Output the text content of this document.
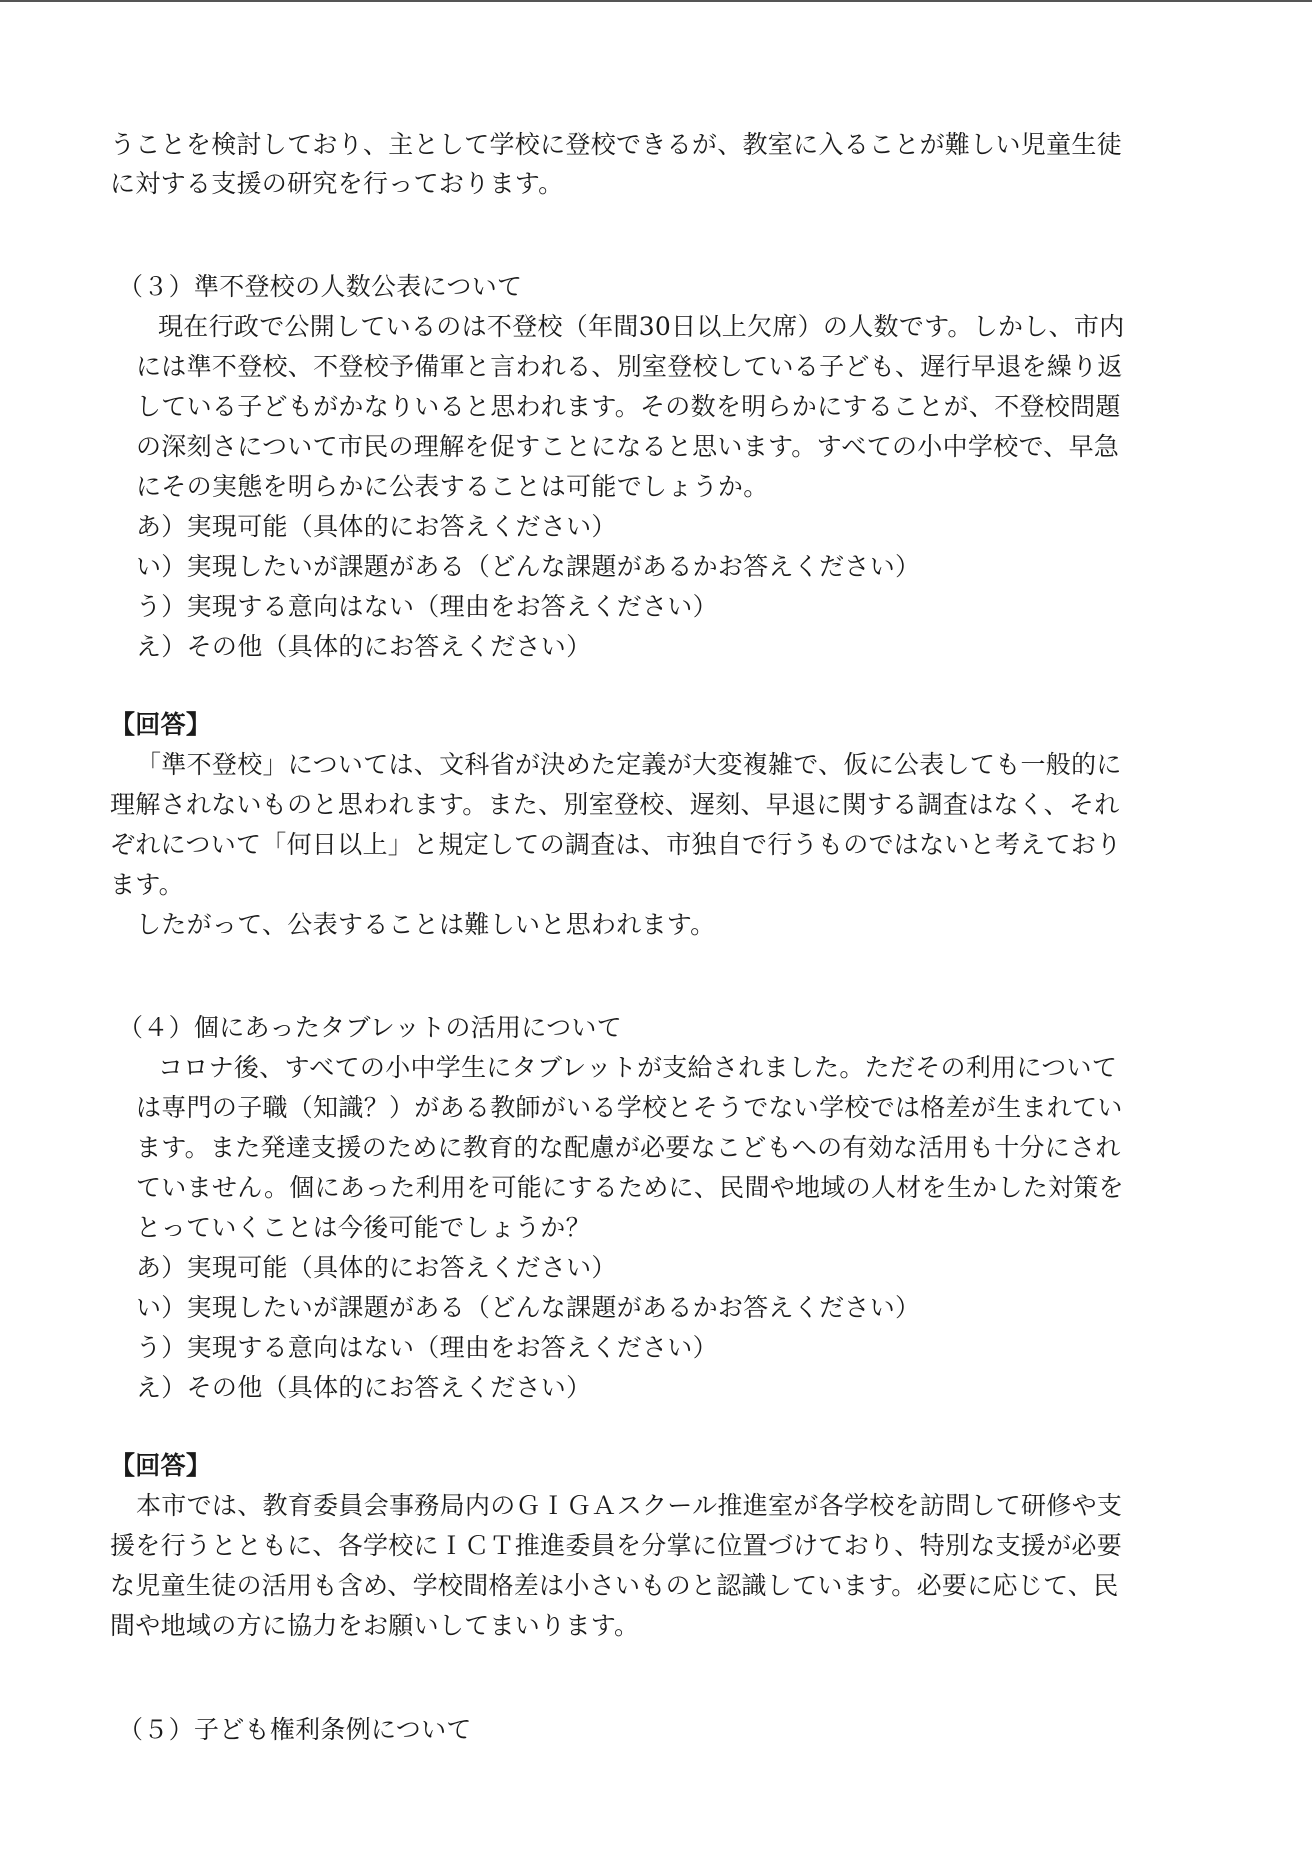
うことを検討しており、主として学校に登校できるが、教室に入ることが難しい児童生徒
に対する支援の研究を行っております。
（３）準不登校の人数公表について
現在行政で公開しているのは不登校（年間30日以上欠席）の人数です。しかし、市内
には準不登校、不登校予備軍と言われる、別室登校している子ども、遅行早退を繰り返
している子どもがかなりいると思われます。その数を明らかにすることが、不登校問題
の深刻さについて市民の理解を促すことになると思います。すべての小中学校で、早急
にその実態を明らかに公表することは可能でしょうか。
あ）実現可能（具体的にお答えください）
い）実現したいが課題がある（どんな課題があるかお答えください）
う）実現する意向はない（理由をお答えください）
え）その他（具体的にお答えください）
【回答】
「準不登校」については、文科省が決めた定義が大変複雑で、仮に公表しても一般的に
理解されないものと思われます。また、別室登校、遅刻、早退に関する調査はなく、それ
ぞれについて「何日以上」と規定しての調査は、市独自で行うものではないと考えており
ます。
したがって、公表することは難しいと思われます。
（４）個にあったタブレットの活用について
コロナ後、すべての小中学生にタブレットが支給されました。ただその利用について
は専門の子職（知識？）がある教師がいる学校とそうでない学校では格差が生まれてい
ます。また発達支援のために教育的な配慮が必要なこどもへの有効な活用も十分にされ
ていません。個にあった利用を可能にするために、民間や地域の人材を生かした対策を
とっていくことは今後可能でしょうか？
あ）実現可能（具体的にお答えください）
い）実現したいが課題がある（どんな課題があるかお答えください）
う）実現する意向はない（理由をお答えください）
え）その他（具体的にお答えください）
【回答】
本市では、教育委員会事務局内のＧＩＧＡスクール推進室が各学校を訪問して研修や支
援を行うとともに、各学校にＩＣＴ推進委員を分掌に位置づけており、特別な支援が必要
な児童生徒の活用も含め、学校間格差は小さいものと認識しています。必要に応じて、民
間や地域の方に協力をお願いしてまいります。
（５）子ども権利条例について
